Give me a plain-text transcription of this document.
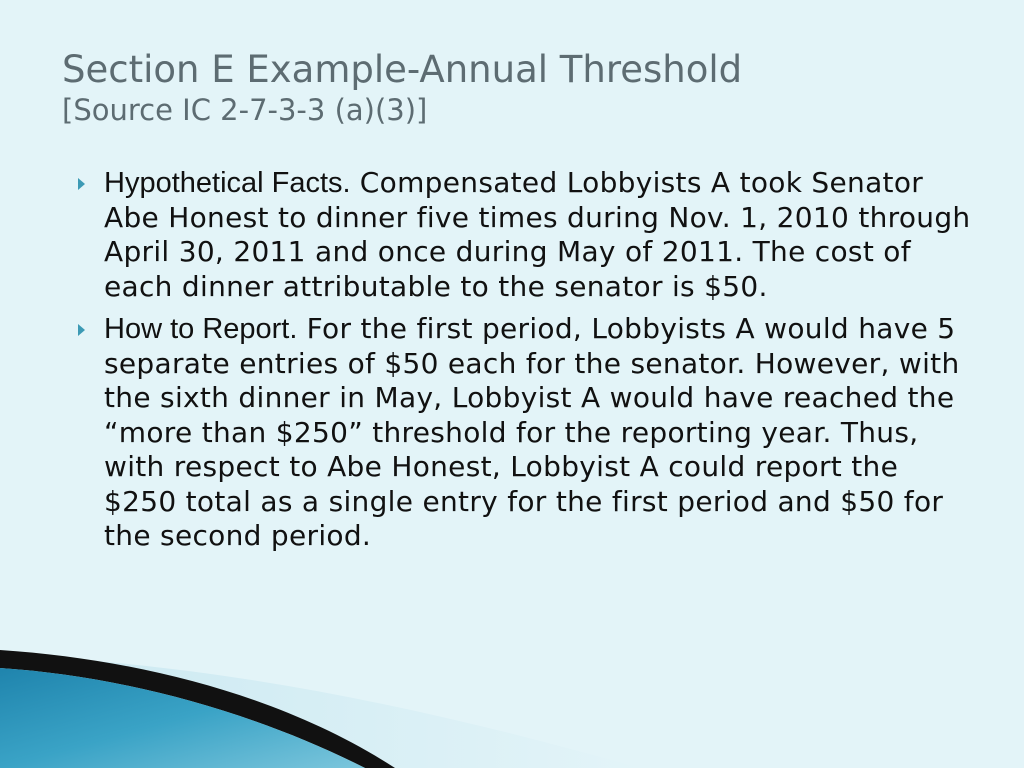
Section E Example-Annual Threshold
[Source IC 2-7-3-3 (a)(3)]
Hypothetical Facts. Compensated Lobbyists A took Senator Abe Honest to dinner five times during Nov. 1, 2010 through April 30, 2011 and once during May of 2011. The cost of each dinner attributable to the senator is $50.
How to Report. For the first period, Lobbyists A would have 5 separate entries of $50 each for the senator. However, with the sixth dinner in May, Lobbyist A would have reached the “more than $250” threshold for the reporting year. Thus, with respect to Abe Honest, Lobbyist A could report the $250 total as a single entry for the first period and $50 for the second period.
